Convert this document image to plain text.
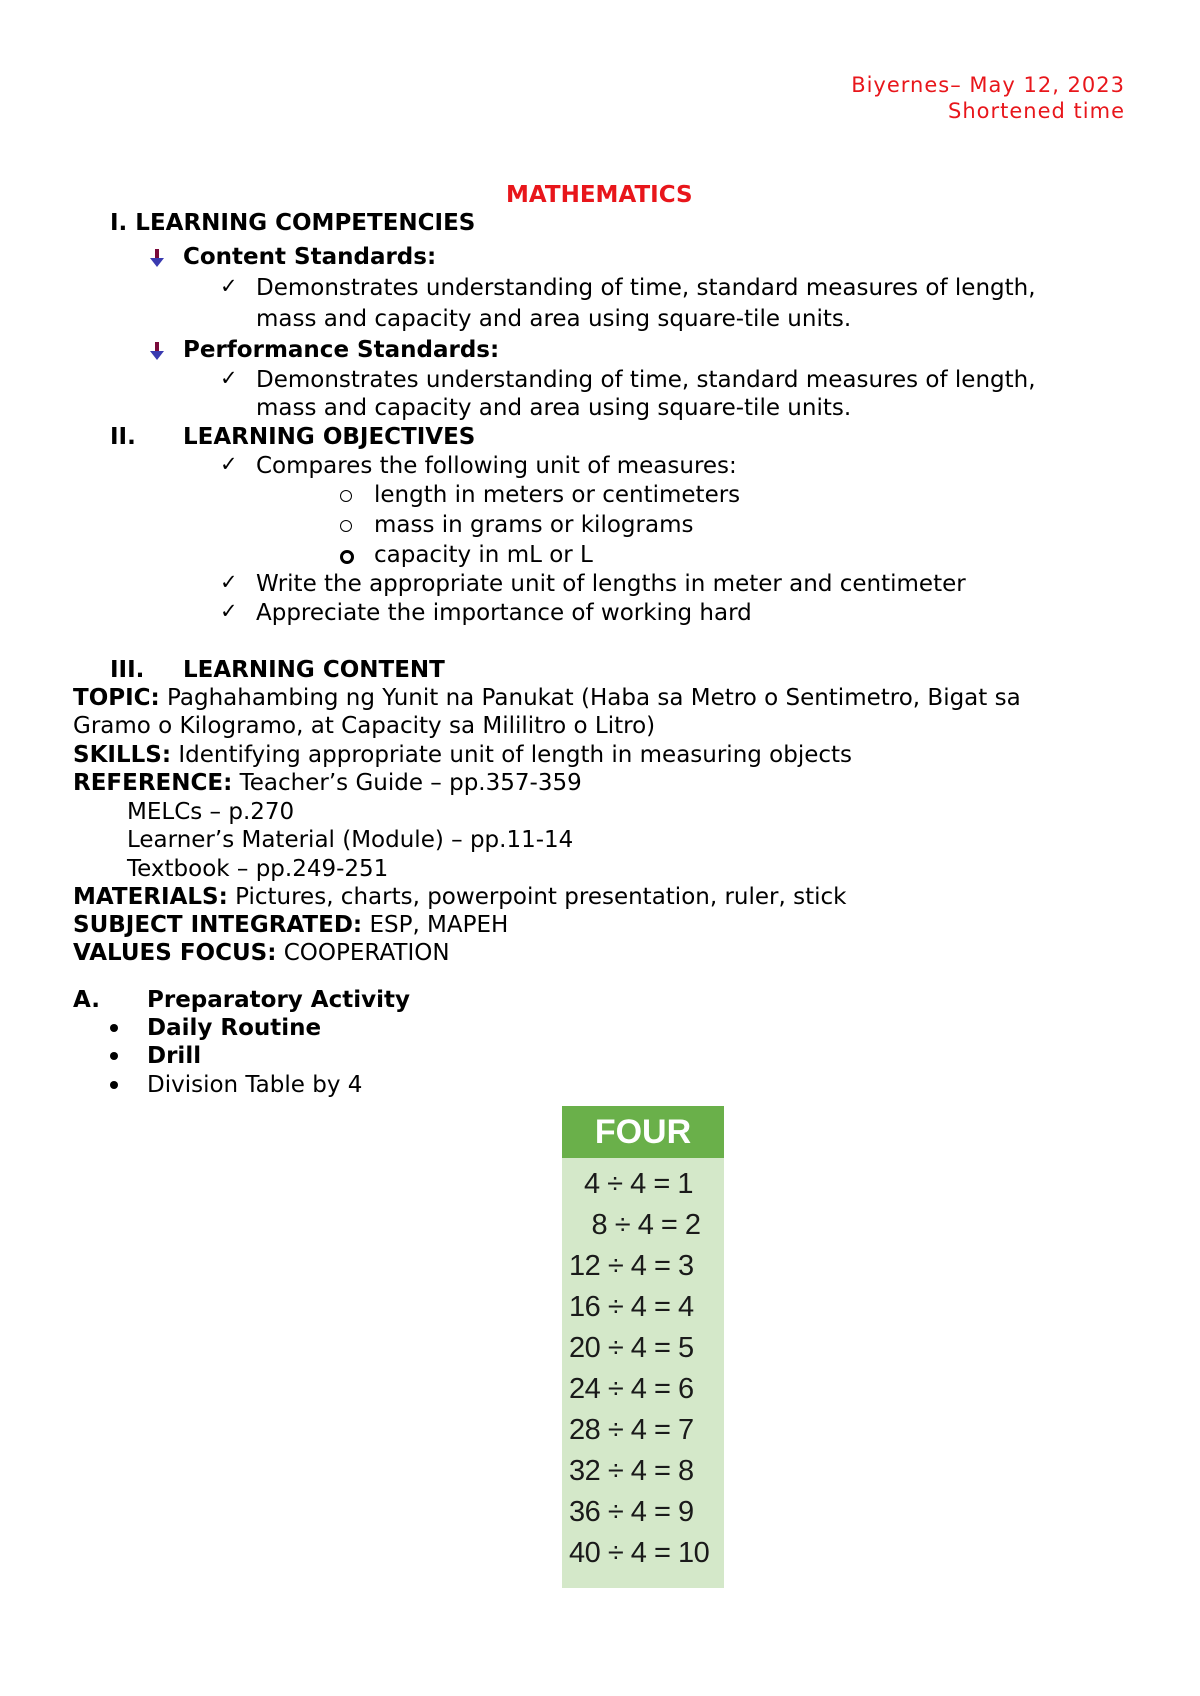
Biyernes– May 12, 2023
Shortened time
MATHEMATICS
I. LEARNING COMPETENCIES
Content Standards:
✓ Demonstrates understanding of time, standard measures of length,
mass and capacity and area using square-tile units.
Performance Standards:
✓ Demonstrates understanding of time, standard measures of length,
mass and capacity and area using square-tile units.
II. LEARNING OBJECTIVES
✓ Compares the following unit of measures:
length in meters or centimeters
mass in grams or kilograms
capacity in mL or L
✓ Write the appropriate unit of lengths in meter and centimeter
✓ Appreciate the importance of working hard
III. LEARNING CONTENT
TOPIC: Paghahambing ng Yunit na Panukat (Haba sa Metro o Sentimetro, Bigat sa
Gramo o Kilogramo, at Capacity sa Mililitro o Litro)
SKILLS: Identifying appropriate unit of length in measuring objects
REFERENCE: Teacher’s Guide – pp.357-359
MELCs – p.270
Learner’s Material (Module) – pp.11-14
Textbook – pp.249-251
MATERIALS: Pictures, charts, powerpoint presentation, ruler, stick
SUBJECT INTEGRATED: ESP, MAPEH
VALUES FOCUS: COOPERATION
A. Preparatory Activity
Daily Routine
Drill
Division Table by 4
FOUR
4 ÷ 4 = 1
8 ÷ 4 = 2
12 ÷ 4 = 3
16 ÷ 4 = 4
20 ÷ 4 = 5
24 ÷ 4 = 6
28 ÷ 4 = 7
32 ÷ 4 = 8
36 ÷ 4 = 9
40 ÷ 4 = 10
